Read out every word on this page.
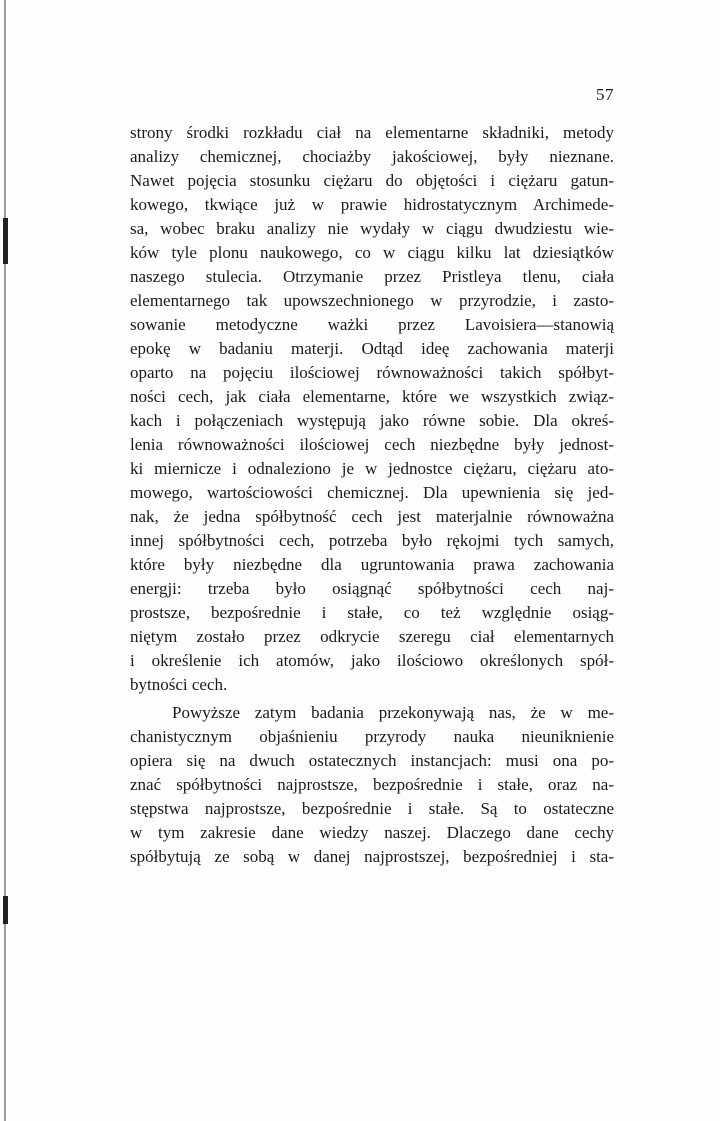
57
strony środki rozkładu ciał na elementarne składniki, metody
analizy chemicznej, chociażby jakościowej, były nieznane.
Nawet pojęcia stosunku ciężaru do objętości i ciężaru gatun-
kowego, tkwiące już w prawie hidrostatycznym Archimede-
sa, wobec braku analizy nie wydały w ciągu dwudziestu wie-
ków tyle plonu naukowego, co w ciągu kilku lat dziesiątków
naszego stulecia. Otrzymanie przez Pristleya tlenu, ciała
elementarnego tak upowszechnionego w przyrodzie, i zasto-
sowanie metodyczne ważki przez Lavoisiera—stanowią
epokę w badaniu materji. Odtąd ideę zachowania materji
oparto na pojęciu ilościowej równoważności takich spółbyt-
ności cech, jak ciała elementarne, które we wszystkich związ-
kach i połączeniach występują jako równe sobie. Dla okreś-
lenia równoważności ilościowej cech niezbędne były jednost-
ki miernicze i odnaleziono je w jednostce ciężaru, ciężaru ato-
mowego, wartościowości chemicznej. Dla upewnienia się jed-
nak, że jedna spółbytność cech jest materjalnie równoważna
innej spółbytności cech, potrzeba było rękojmi tych samych,
które były niezbędne dla ugruntowania prawa zachowania
energji: trzeba było osiągnąć spółbytności cech naj-
prostsze, bezpośrednie i stałe, co też względnie osiąg-
niętym zostało przez odkrycie szeregu ciał elementarnych
i określenie ich atomów, jako ilościowo określonych spół-
bytności cech.
Powyższe zatym badania przekonywają nas, że w me-
chanistycznym objaśnieniu przyrody nauka nieuniknienie
opiera się na dwuch ostatecznych instancjach: musi ona po-
znać spółbytności najprostsze, bezpośrednie i stałe, oraz na-
stępstwa najprostsze, bezpośrednie i stałe. Są to ostateczne
w tym zakresie dane wiedzy naszej. Dlaczego dane cechy
spółbytują ze sobą w danej najprostszej, bezpośredniej i sta-
